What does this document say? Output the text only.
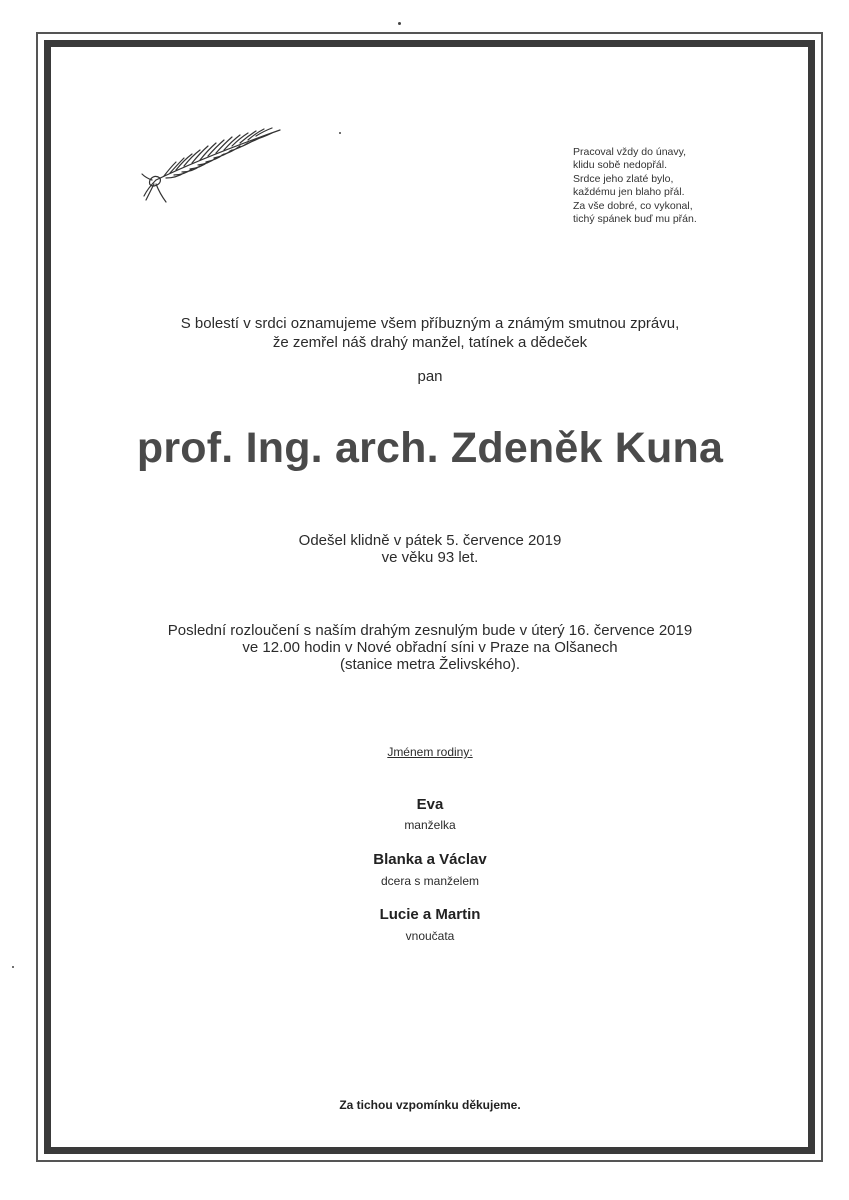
Pracoval vždy do únavy,
klidu sobě nedopřál.
Srdce jeho zlaté bylo,
každému jen blaho přál.
Za vše dobré, co vykonal,
tichý spánek buď mu přán.
S bolestí v srdci oznamujeme všem příbuzným a známým smutnou zprávu,
že zemřel náš drahý manžel, tatínek a dědeček
pan
prof. Ing. arch. Zdeněk Kuna
Odešel klidně v pátek 5. července 2019
ve věku 93 let.
Poslední rozloučení s naším drahým zesnulým bude v úterý 16. července 2019
ve 12.00 hodin v Nové obřadní síni v Praze na Olšanech
(stanice metra Želivského).
Jménem rodiny:
Eva
manželka
Blanka a Václav
dcera s manželem
Lucie a Martin
vnoučata
Za tichou vzpomínku děkujeme.
